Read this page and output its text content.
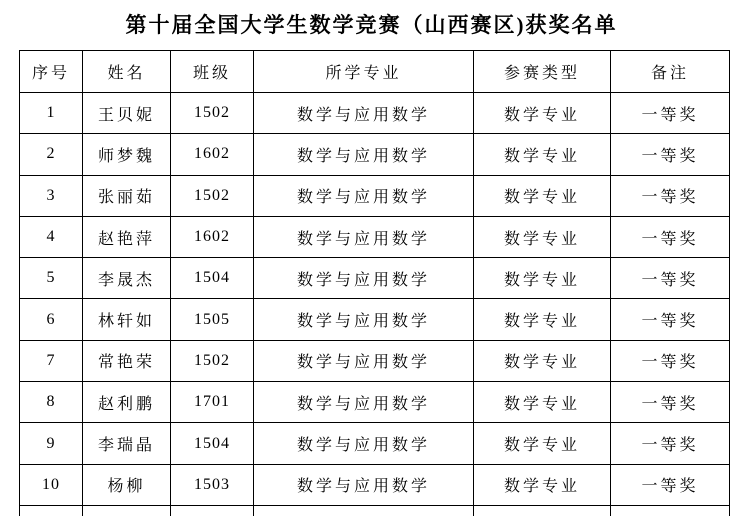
第十届全国大学生数学竞赛（山西赛区)获奖名单
序号	姓名	班级	所学专业	参赛类型	备注
1	王贝妮	1502	数学与应用数学	数学专业	一等奖
2	师梦魏	1602	数学与应用数学	数学专业	一等奖
3	张丽茹	1502	数学与应用数学	数学专业	一等奖
4	赵艳萍	1602	数学与应用数学	数学专业	一等奖
5	李晟杰	1504	数学与应用数学	数学专业	一等奖
6	林轩如	1505	数学与应用数学	数学专业	一等奖
7	常艳荣	1502	数学与应用数学	数学专业	一等奖
8	赵利鹏	1701	数学与应用数学	数学专业	一等奖
9	李瑞晶	1504	数学与应用数学	数学专业	一等奖
10	杨柳	1503	数学与应用数学	数学专业	一等奖
